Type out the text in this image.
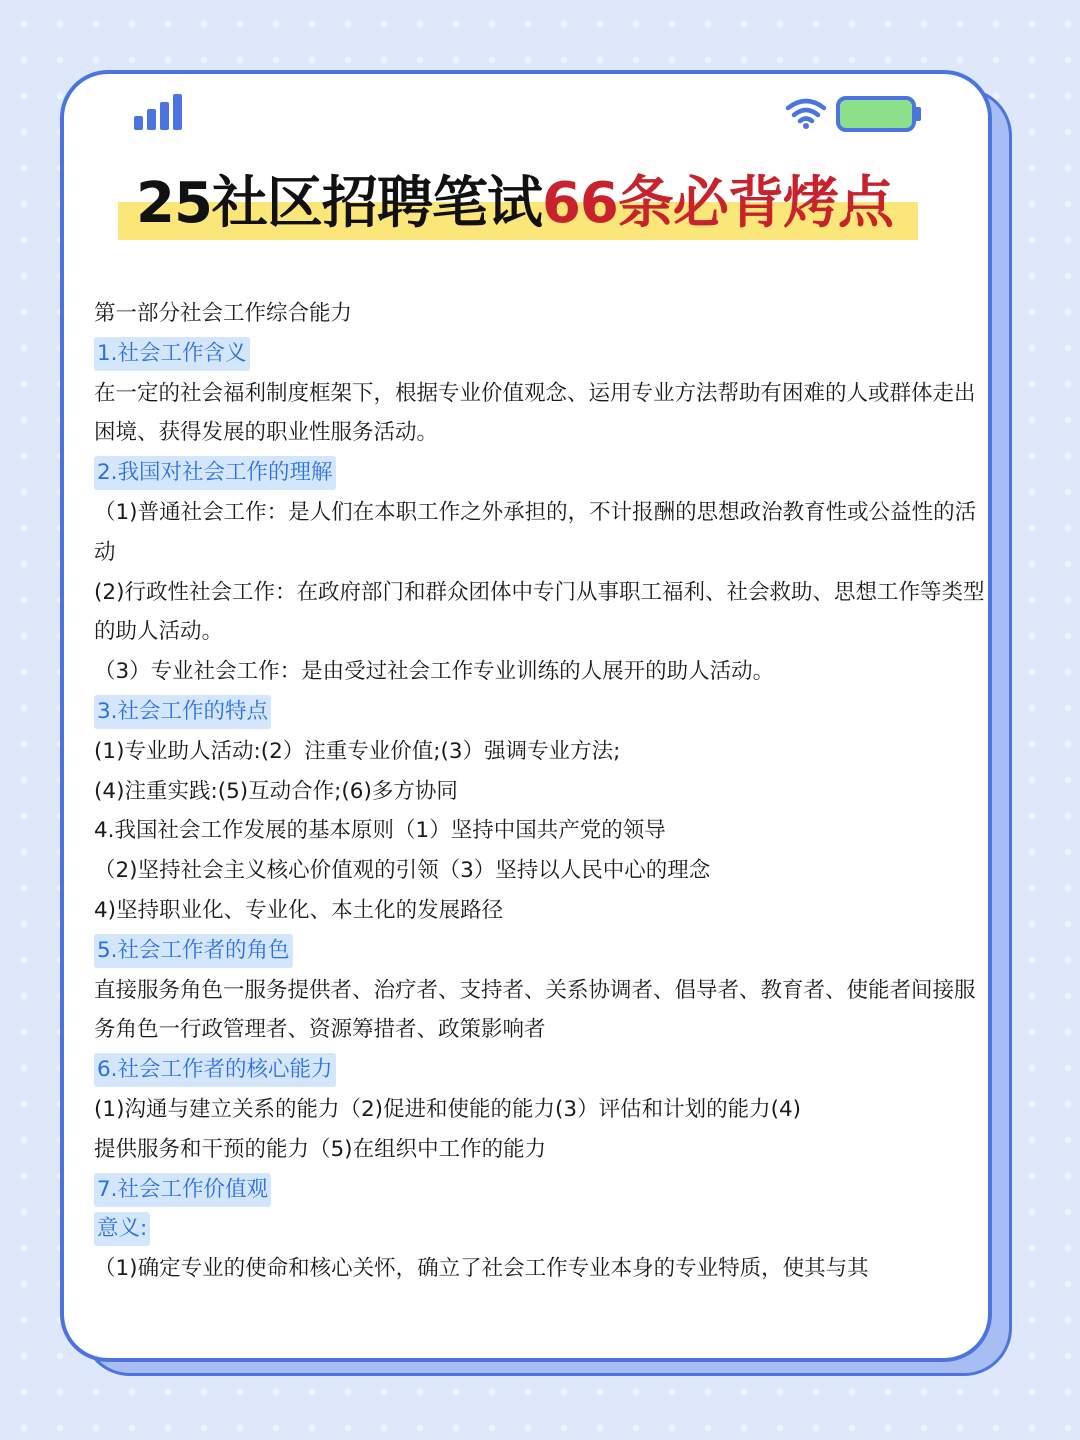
25社区招聘笔试66条必背烤点

第一部分社会工作综合能力

1.社会工作含义

在一定的社会福利制度框架下，根据专业价值观念、运用专业方法帮助有困难的人或群体走出困境、获得发展的职业性服务活动。

2.我国对社会工作的理解

（1)普通社会工作：是人们在本职工作之外承担的，不计报酬的思想政治教育性或公益性的活动

(2)行政性社会工作：在政府部门和群众团体中专门从事职工福利、社会救助、思想工作等类型的助人活动。

（3）专业社会工作：是由受过社会工作专业训练的人展开的助人活动。

3.社会工作的特点

(1)专业助人活动:(2）注重专业价值;(3）强调专业方法;

(4)注重实践:(5)互动合作;(6)多方协同

4.我国社会工作发展的基本原则（1）坚持中国共产党的领导

（2)坚持社会主义核心价值观的引领（3）坚持以人民中心的理念

4)坚持职业化、专业化、本土化的发展路径

5.社会工作者的角色

直接服务角色一服务提供者、治疗者、支持者、关系协调者、倡导者、教育者、使能者间接服务角色一行政管理者、资源筹措者、政策影响者

6.社会工作者的核心能力

(1)沟通与建立关系的能力（2)促进和使能的能力(3）评估和计划的能力(4)

提供服务和干预的能力（5)在组织中工作的能力

7.社会工作价值观

意义:

（1)确定专业的使命和核心关怀，确立了社会工作专业本身的专业特质，使其与其
